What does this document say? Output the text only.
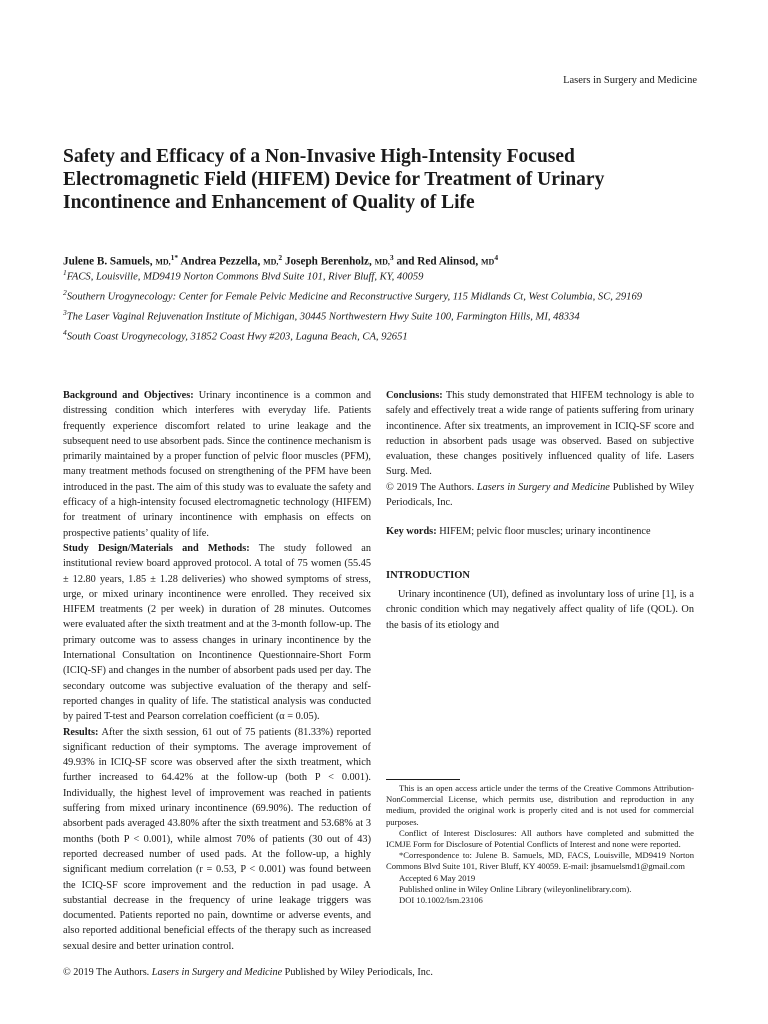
Lasers in Surgery and Medicine
Safety and Efficacy of a Non-Invasive High-Intensity Focused Electromagnetic Field (HIFEM) Device for Treatment of Urinary Incontinence and Enhancement of Quality of Life
Julene B. Samuels, MD,$^{1*}$ Andrea Pezzella, MD,$^2$ Joseph Berenholz, MD,$^3$ and Red Alinsod, $MD^4$
$^1$FACS, Louisville, MD9419 Norton Commons Blvd Suite 101, River Bluff, KY, 40059
$^2$Southern Urogynecology: Center for Female Pelvic Medicine and Reconstructive Surgery, 115 Midlands Ct, West Columbia, SC, 29169
$^3$The Laser Vaginal Rejuvenation Institute of Michigan, 30445 Northwestern Hwy Suite 100, Farmington Hills, MI, 48334
$^4$South Coast Urogynecology, 31852 Coast Hwy #203, Laguna Beach, CA, 92651

Background and Objectives: Urinary incontinence is a common and distressing condition which interferes with everyday life. Patients frequently experience discomfort related to urine leakage and the subsequent need to use absorbent pads. Since the continence mechanism is primarily maintained by a proper function of pelvic floor muscles (PFM), many treatment methods focused on strengthening of the PFM have been introduced in the past. The aim of this study was to evaluate the safety and efficacy of a high-intensity focused electromagnetic technology (HIFEM) for treatment of urinary incontinence with emphasis on effects on prospective patients’ quality of life.

Study Design/Materials and Methods: The study followed an institutional review board approved protocol. A total of 75 women (55.45 ± 12.80 years, 1.85 ± 1.28 deliveries) who showed symptoms of stress, urge, or mixed urinary incontinence were enrolled. They received six HIFEM treatments (2 per week) in duration of 28 minutes. Outcomes were evaluated after the sixth treatment and at the 3-month follow-up. The primary outcome was to assess changes in urinary incontinence by the International Consultation on Incontinence Questionnaire-Short Form (ICIQ-SF) and changes in the number of absorbent pads used per day. The secondary outcome was subjective evaluation of the therapy and self-reported changes in quality of life. The statistical analysis was conducted by paired T-test and Pearson correlation coefficient (α = 0.05).

Results: After the sixth session, 61 out of 75 patients (81.33%) reported significant reduction of their symptoms. The average improvement of 49.93% in ICIQ-SF score was observed after the sixth treatment, which further increased to 64.42% at the follow-up (both P < 0.001). Individually, the highest level of improvement was reached in patients suffering from mixed urinary incontinence (69.90%). The reduction of absorbent pads averaged 43.80% after the sixth treatment and 53.68% at 3 months (both P < 0.001), while almost 70% of patients (30 out of 43) reported decreased number of used pads. At the follow-up, a highly significant medium correlation (r = 0.53, P < 0.001) was found between the ICIQ-SF score improvement and the reduction in pad usage. A substantial decrease in the frequency of urine leakage triggers was documented. Patients reported no pain, downtime or adverse events, and also reported additional beneficial effects of the therapy such as increased sexual desire and better urination control.

Conclusions: This study demonstrated that HIFEM technology is able to safely and effectively treat a wide range of patients suffering from urinary incontinence. After six treatments, an improvement in ICIQ-SF score and reduction in absorbent pads usage was observed. Based on subjective evaluation, these changes positively influenced quality of life. Lasers Surg. Med.

© 2019 The Authors. Lasers in Surgery and Medicine Published by Wiley Periodicals, Inc.

Key words: HIFEM; pelvic floor muscles; urinary incontinence

INTRODUCTION

Urinary incontinence (UI), defined as involuntary loss of urine [1], is a chronic condition which may negatively affect quality of life (QOL). On the basis of its etiology and

This is an open access article under the terms of the Creative Commons Attribution-NonCommercial License, which permits use, distribution and reproduction in any medium, provided the original work is properly cited and is not used for commercial purposes.

Conflict of Interest Disclosures: All authors have completed and submitted the ICMJE Form for Disclosure of Potential Conflicts of Interest and none were reported.

*Correspondence to: Julene B. Samuels, MD, FACS, Louisville, MD9419 Norton Commons Blvd Suite 101, River Bluff, KY 40059. E-mail: jbsamuelsmd1@gmail.com

Accepted 6 May 2019

Published online in Wiley Online Library (wileyonlinelibrary.com).

DOI 10.1002/lsm.23106

© 2019 The Authors. Lasers in Surgery and Medicine Published by Wiley Periodicals, Inc.
